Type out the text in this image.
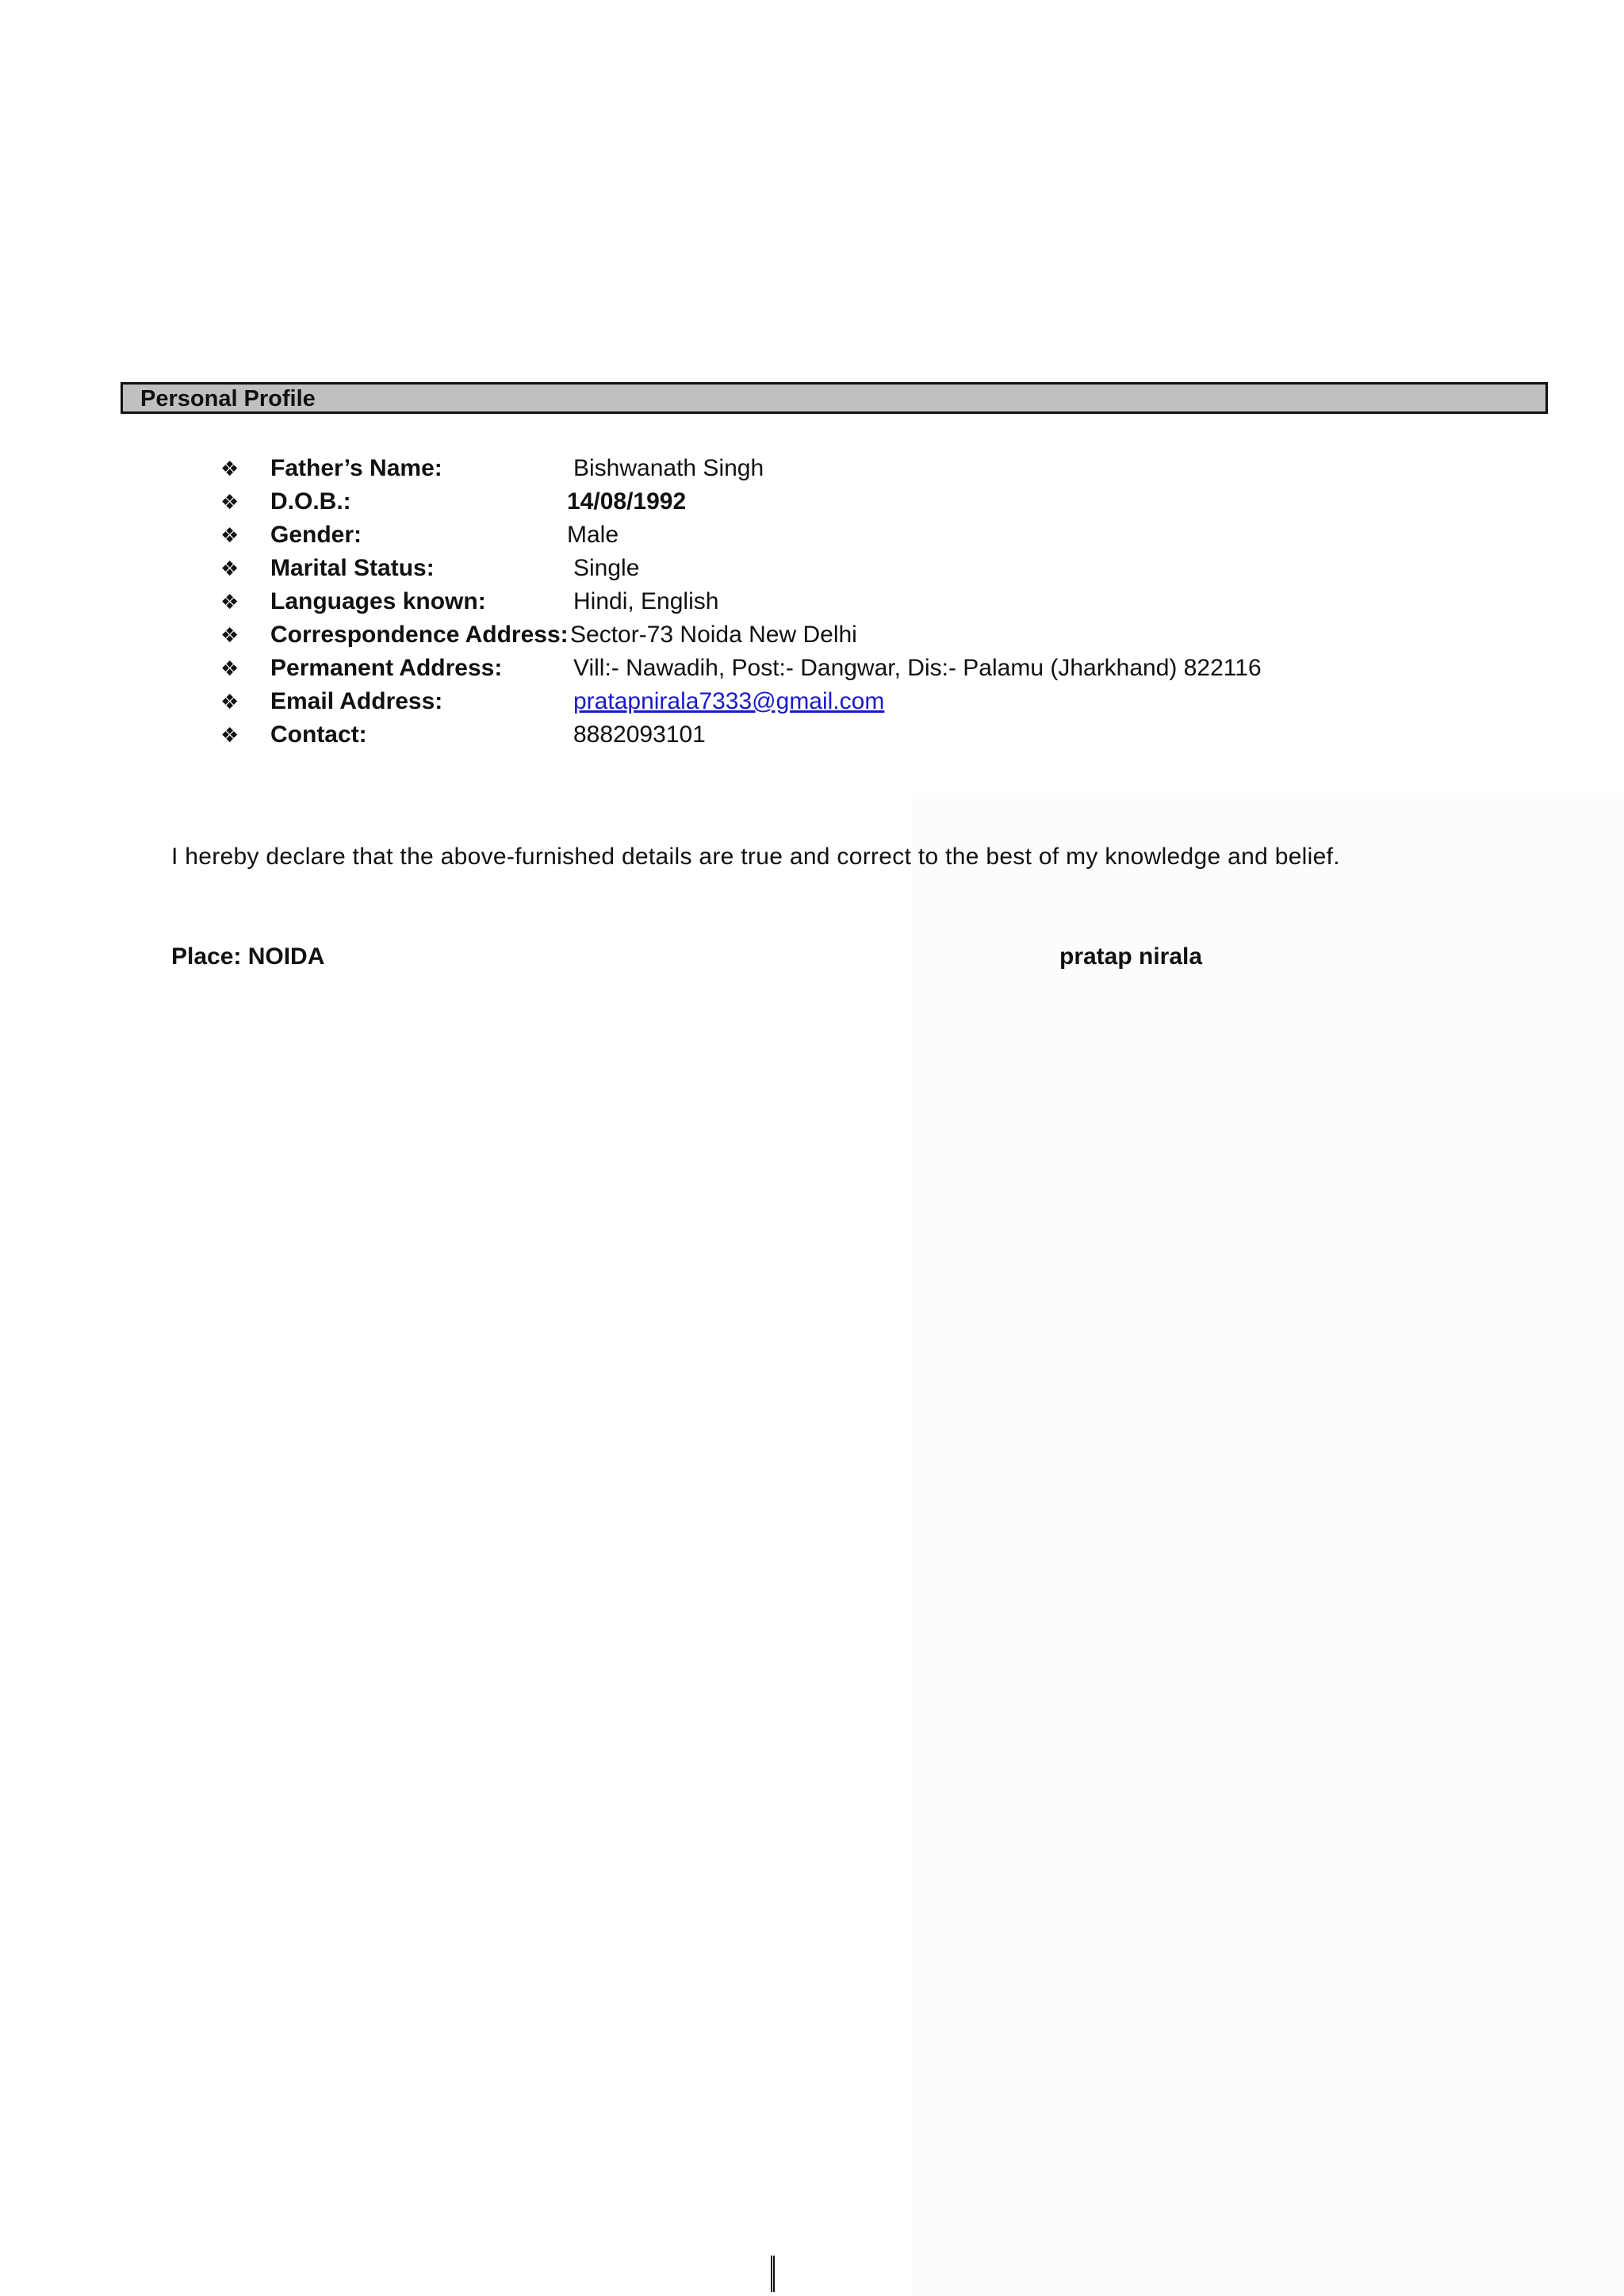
Personal Profile
❖ Father’s Name:	Bishwanath Singh
❖ D.O.B.:	14/08/1992
❖ Gender:	Male
❖ Marital Status:	Single
❖ Languages known:	Hindi, English
❖ Correspondence Address: Sector-73 Noida New Delhi
❖ Permanent Address:	Vill:- Nawadih, Post:- Dangwar, Dis:- Palamu (Jharkhand) 822116
❖ Email Address:	pratapnirala7333@gmail.com
❖ Contact:	8882093101

I hereby declare that the above-furnished details are true and correct to the best of my knowledge and belief.

Place: NOIDA	pratap nirala
